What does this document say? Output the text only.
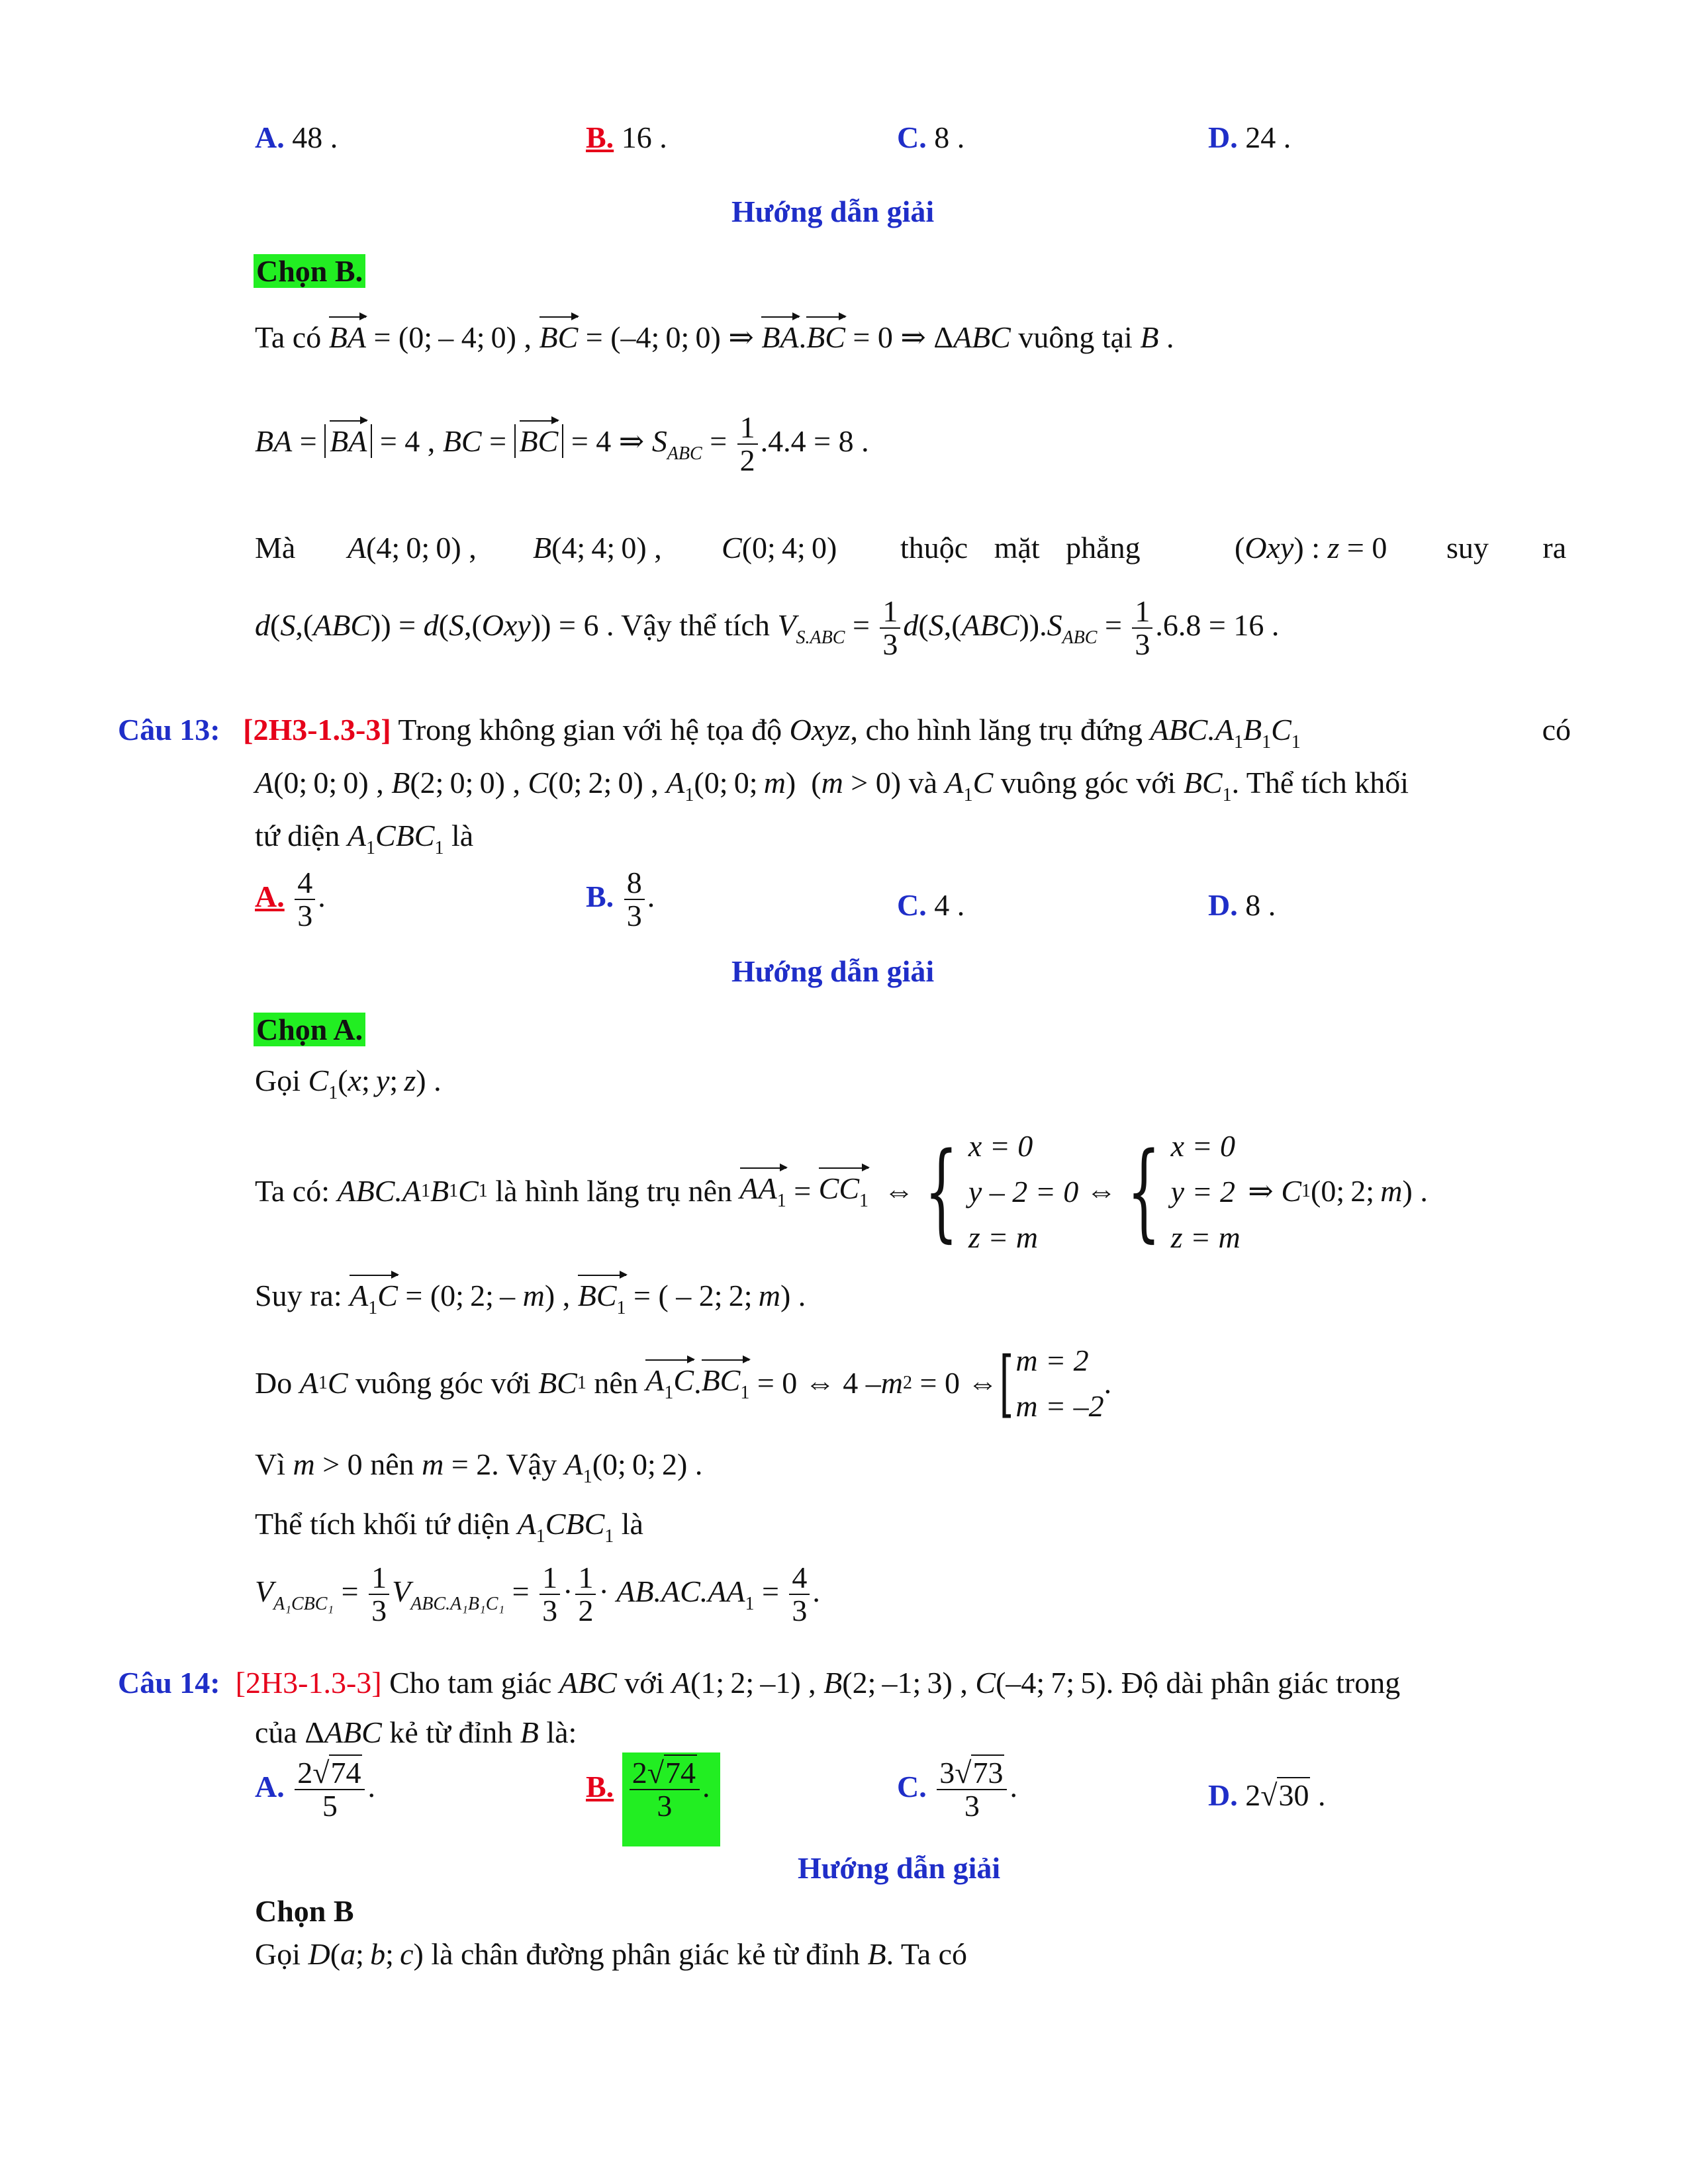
A. 48 .	B. 16 .	C. 8 .	D. 24 .
Hướng dẫn giải
Chọn B.
Ta có BA = (0; – 4; 0) , BC = (–4; 0; 0) ⇒ BA.BC = 0 ⇒ ΔABC vuông tại B .
BA = BA = 4 , BC = BC = 4 ⇒ $S_{ABC} = \frac{1}{2} .4.4 = 8$ .
Mà A(4; 0; 0) , B(4; 4; 0) , C(0; 4; 0) thuộc mặt phẳng	(Oxy) : z = 0 suy ra
d(S,(ABC)) = d(S,(Oxy)) = 6 . Vậy thể tích $V_{S.ABC} = \frac{1}{3} d(S,(ABC)).S_{ABC} = \frac{1}{3} .6.8 = 16$ .
Câu 13: [2H3-1.3-3] Trong không gian với hệ tọa độ Oxyz, cho hình lăng trụ đứng $ABC.A_1B_1C_1$	có
A(0; 0; 0) , B(2; 0; 0) , C(0; 2; 0) , $A_1(0$; 0; m)  (m > 0) và $A_1C$ vuông góc với $BC_1$. Thể tích khối
tứ diện $A_1CBC_1$ là
A. $\frac{4}{3}$ .	B. $\frac{8}{3}$ .	C. 4 .	D. 8 .
Hướng dẫn giải
Chọn A.
Gọi $C_1(x$; y; z) .
Ta có:
ABC.A 1 B 1 C 1
là hình lăng trụ nên
$AA_1 = CC_1$ ⇔ { x = 0
y – 2 = 0
z = m
⇔ { x = 0
y = 2
z = m
⇒ C 1 (0; 2;  m ) .
Suy ra: $A_1C = (0$; 2; – m) , $BC_1$ = ( – 2; 2; m) .
Do
A 1 C
vuông góc với
BC 1
nên
$A_1C$ . $BC_1 = 0$ ⇔ 4 – m 2 = 0 ⇔ [ m = 2
m = –2
.
Vì m > 0 nên m = 2. Vậy $A_1(0$; 0; 2) .
Thể tích khối tứ diện $A_1CBC_1$ là
$V_{A_1CBC_1} = \frac{1}{3} V_{ABC.A_1B_1C_1} = \frac{1}{3} \cdot \frac{1}{2} \cdot AB.AC.AA_1 = \frac{4}{3}$ .
Câu 14: [2H3-1.3-3] Cho tam giác ABC với A(1; 2; –1) , B(2; –1; 3) , C(–4; 7; 5). Độ dài phân giác trong
của ΔABC kẻ từ đỉnh B là:
A. $\frac{2√74}{5}$ .	B. $\frac{2√74}{3}$ .	C. $\frac{3√73}{3}$ .	D. 2√30 .
Hướng dẫn giải
Chọn B
Gọi D(a; b; c) là chân đường phân giác kẻ từ đỉnh B. Ta có
